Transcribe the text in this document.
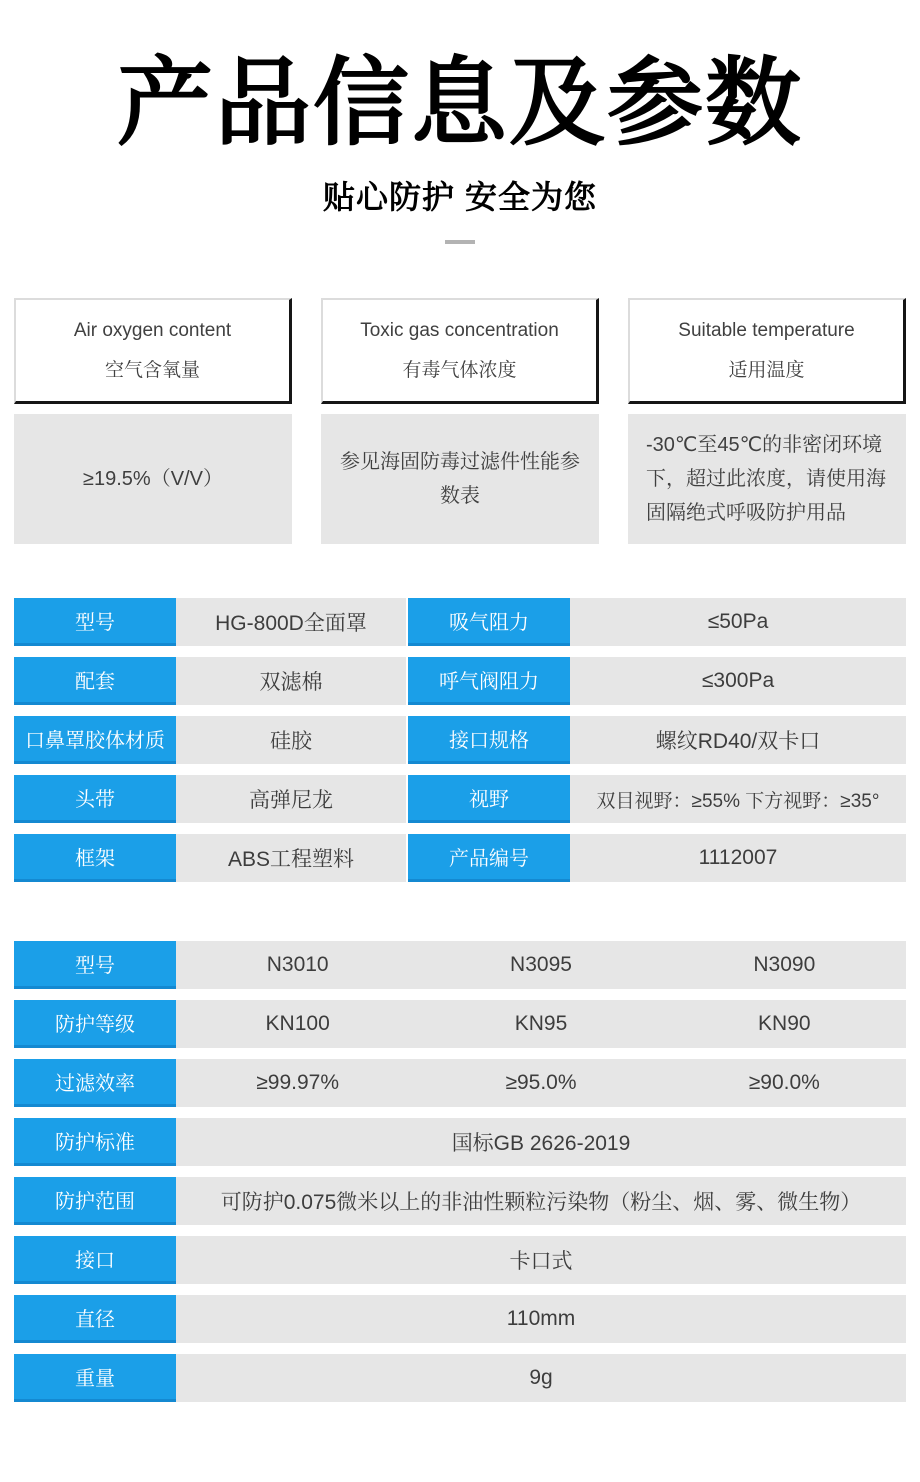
产品信息及参数
贴心防护 安全为您
Air oxygen content
空气含氧量
Toxic gas concentration
有毒气体浓度
Suitable temperature
适用温度
≥19.5%（V/V）
参见海固防毒过滤件性能参数表
-30℃至45℃的非密闭环境下，超过此浓度，请使用海固隔绝式呼吸防护用品
型号	HG-800D全面罩	吸气阻力	≤50Pa
配套	双滤棉	呼气阀阻力	≤300Pa
口鼻罩胶体材质	硅胶	接口规格	螺纹RD40/双卡口
头带	高弹尼龙	视野	双目视野：≥55% 下方视野：≥35°
框架	ABS工程塑料	产品编号	1112007
型号	N3010	N3095	N3090
防护等级	KN100	KN95	KN90
过滤效率	≥99.97%	≥95.0%	≥90.0%
防护标准	国标GB 2626-2019
防护范围	可防护0.075微米以上的非油性颗粒污染物（粉尘、烟、雾、微生物）
接口	卡口式
直径	110mm
重量	9g
